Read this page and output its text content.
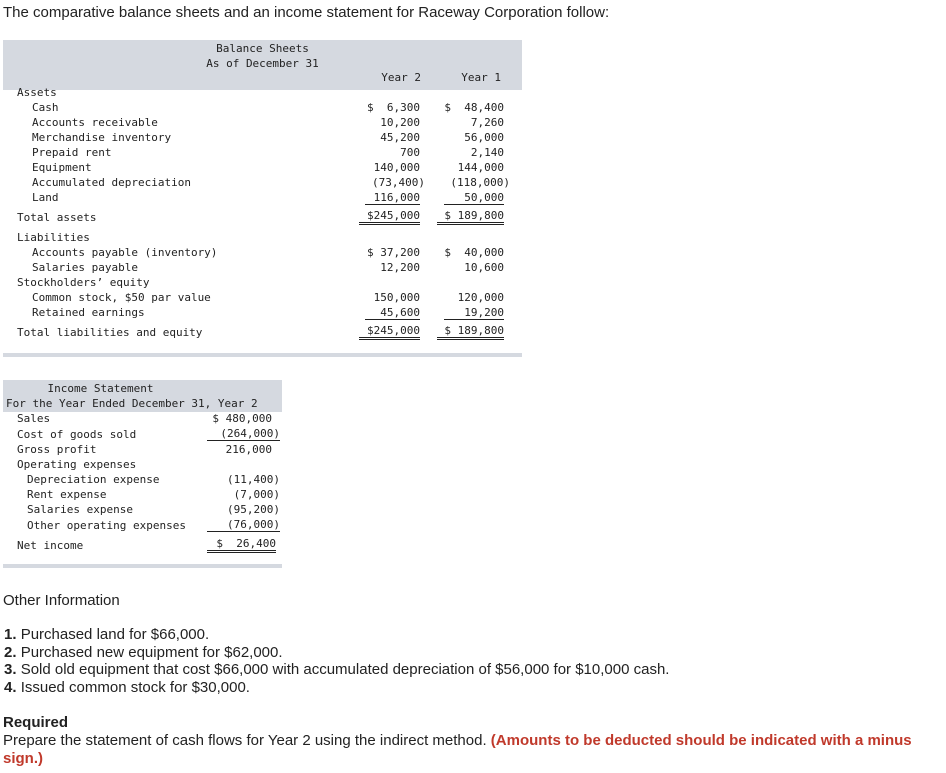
The comparative balance sheets and an income statement for Raceway Corporation follow:
Balance Sheets
As of December 31
Year 2	Year 1
Assets
Cash	$  6,300	$  48,400
Accounts receivable	10,200	7,260
Merchandise inventory	45,200	56,000
Prepaid rent	700	2,140
Equipment	140,000	144,000
Accumulated depreciation	(73,400)	(118,000)
Land	116,000	50,000
Total assets	$245,000	$ 189,800
Liabilities
Accounts payable (inventory)	$ 37,200	$  40,000
Salaries payable	12,200	10,600
Stockholders’ equity
Common stock, $50 par value	150,000	120,000
Retained earnings	45,600	19,200
Total liabilities and equity	$245,000	$ 189,800
Income Statement
For the Year Ended December 31, Year 2
Sales	$ 480,000
Cost of goods sold	(264,000)
Gross profit	216,000
Operating expenses
Depreciation expense	(11,400)
Rent expense	(7,000)
Salaries expense	(95,200)
Other operating expenses	(76,000)
Net income	$  26,400
Other Information
1. Purchased land for $66,000.
2. Purchased new equipment for $62,000.
3. Sold old equipment that cost $66,000 with accumulated depreciation of $56,000 for $10,000 cash.
4. Issued common stock for $30,000.
Required
Prepare the statement of cash flows for Year 2 using the indirect method. (Amounts to be deducted should be indicated with a minus sign.)
